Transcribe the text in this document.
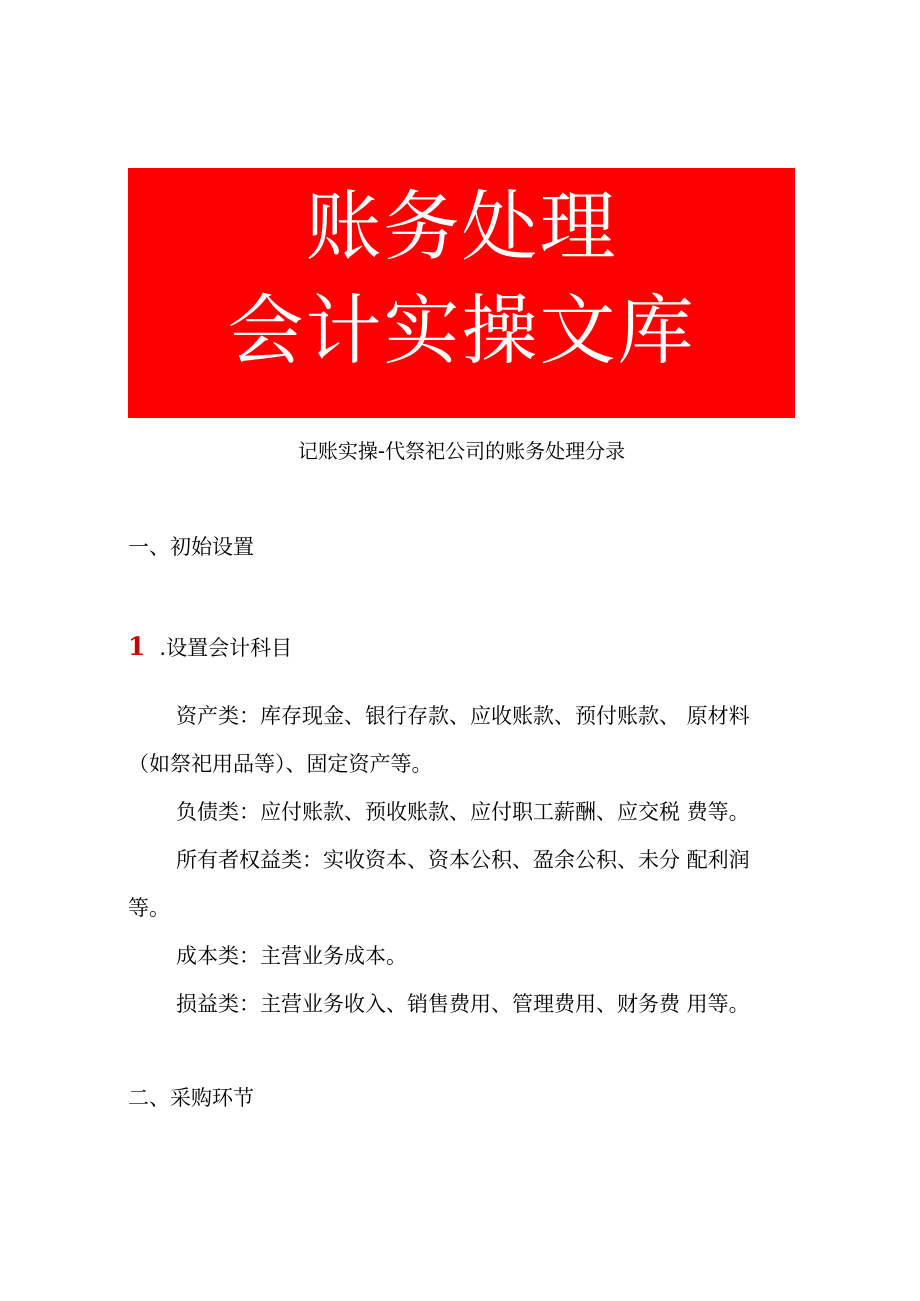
账务处理
会计实操文库
记账实操-代祭祀公司的账务处理分录
一、初始设置
1 .设置会计科目

资产类：库存现金、银行存款、应收账款、预付账款、 原材料（如祭祀用品等）、固定资产等。

负债类：应付账款、预收账款、应付职工薪酬、应交税 费等。

所有者权益类：实收资本、资本公积、盈余公积、未分 配利润等。

成本类：主营业务成本。

损益类：主营业务收入、销售费用、管理费用、财务费 用等。

二、采购环节
